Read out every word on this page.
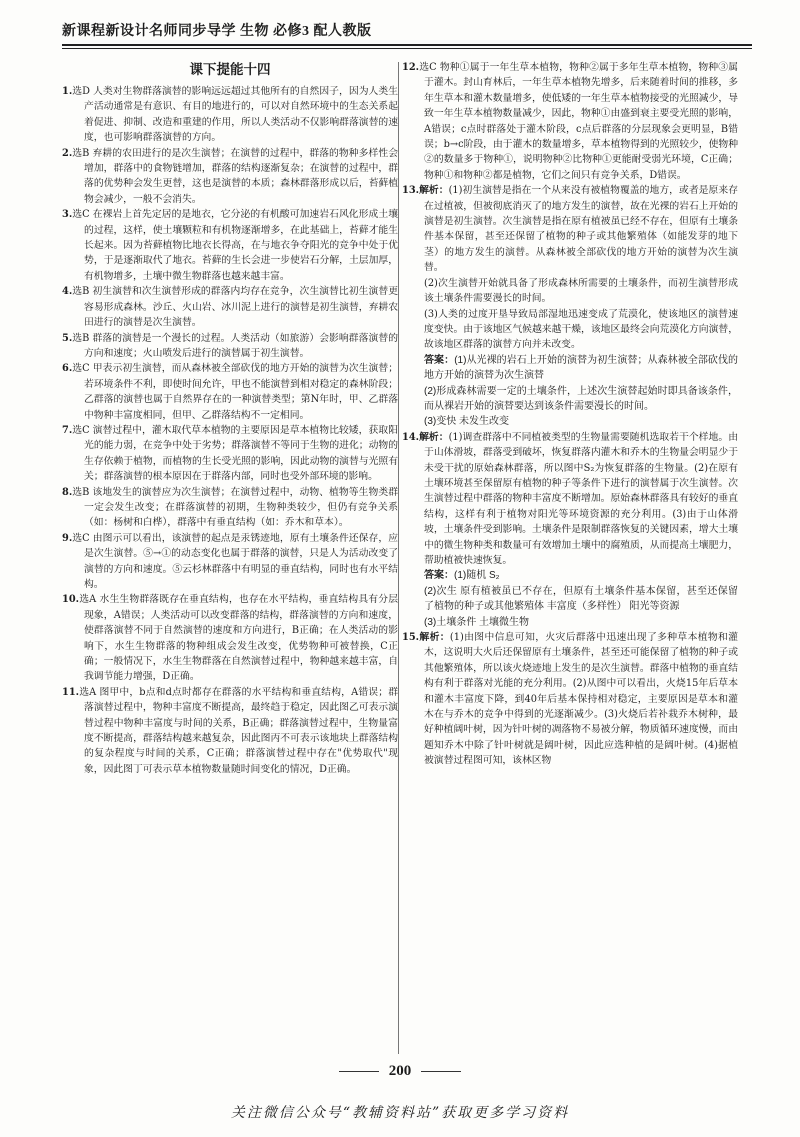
新课程新设计名师同步导学 生物 必修3 配人教版
课下提能十四

1.选D 人类对生物群落演替的影响远远超过其他所有的自然因子，因为人类生产活动通常是有意识、有目的地进行的，可以对自然环境中的生态关系起着促进、抑制、改造和重建的作用，所以人类活动不仅影响群落演替的速度，也可影响群落演替的方向。

2.选B 弃耕的农田进行的是次生演替；在演替的过程中，群落的物种多样性会增加，群落中的食物链增加，群落的结构逐渐复杂；在演替的过程中，群落的优势种会发生更替，这也是演替的本质；森林群落形成以后，苔藓植物会减少，一般不会消失。

3.选C 在裸岩上首先定居的是地衣，它分泌的有机酸可加速岩石风化形成土壤的过程，这样，使土壤颗粒和有机物逐渐增多，在此基础上，苔藓才能生长起来。因为苔藓植物比地衣长得高，在与地衣争夺阳光的竞争中处于优势，于是逐渐取代了地衣。苔藓的生长会进一步使岩石分解，土层加厚，有机物增多，土壤中微生物群落也越来越丰富。

4.选B 初生演替和次生演替形成的群落内均存在竞争，次生演替比初生演替更容易形成森林。沙丘、火山岩、冰川泥上进行的演替是初生演替，弃耕农田进行的演替是次生演替。

5.选B 群落的演替是一个漫长的过程。人类活动（如旅游）会影响群落演替的方向和速度；火山喷发后进行的演替属于初生演替。

6.选C 甲表示初生演替，而从森林被全部砍伐的地方开始的演替为次生演替；若环境条件不利，即使时间允许，甲也不能演替到相对稳定的森林阶段；乙群落的演替也属于自然界存在的一种演替类型；第N年时，甲、乙群落中物种丰富度相同，但甲、乙群落结构不一定相同。

7.选C 演替过程中，灌木取代草本植物的主要原因是草本植物比较矮，获取阳光的能力弱，在竞争中处于劣势；群落演替不等同于生物的进化；动物的生存依赖于植物，而植物的生长受光照的影响，因此动物的演替与光照有关；群落演替的根本原因在于群落内部，同时也受外部环境的影响。

8.选B 该地发生的演替应为次生演替；在演替过程中，动物、植物等生物类群一定会发生改变；在群落演替的初期，生物种类较少，但仍有竞争关系（如：杨树和白桦），群落中有垂直结构（如：乔木和草本）。

9.选C 由图示可以看出，该演替的起点是汞锈迹地，原有土壤条件还保存，应是次生演替。⑤→①的动态变化也属于群落的演替，只是人为活动改变了演替的方向和速度。⑤云杉林群落中有明显的垂直结构，同时也有水平结构。

10.选A 水生生物群落既存在垂直结构，也存在水平结构，垂直结构具有分层现象，A错误；人类活动可以改变群落的结构，群落演替的方向和速度，使群落演替不同于自然演替的速度和方向进行，B正确；在人类活动的影响下，水生生物群落的物种组成会发生改变，优势物种可被替换，C正确；一般情况下，水生生物群落在自然演替过程中，物种越来越丰富，自我调节能力增强，D正确。

11.选A 图甲中，b点和d点时都存在群落的水平结构和垂直结构，A错误；群落演替过程中，物种丰富度不断提高，最终趋于稳定，因此图乙可表示演替过程中物种丰富度与时间的关系，B正确；群落演替过程中，生物量富度不断提高，群落结构越来越复杂，因此图丙不可表示该地块上群落结构的复杂程度与时间的关系，C正确；群落演替过程中存在"优势取代"现象，因此图丁可表示草本植物数量随时间变化的情况，D正确。

12.选C 物种①属于一年生草本植物，物种②属于多年生草本植物，物种③属于灌木。封山育林后，一年生草本植物先增多，后来随着时间的推移，多年生草本和灌木数量增多，使低矮的一年生草本植物接受的光照减少，导致一年生草本植物数量减少，因此，物种①由盛到衰主要受光照的影响，A错误；c点时群落处于灌木阶段，c点后群落的分层现象会更明显，B错误；b→c阶段，由于灌木的数量增多，草本植物得到的光照较少，使物种②的数量多于物种①，说明物种②比物种①更能耐受弱光环境，C正确；物种①和物种②都是植物，它们之间只有竞争关系，D错误。

13.解析：(1)初生演替是指在一个从来没有被植物覆盖的地方，或者是原来存在过植被，但被彻底消灭了的地方发生的演替，故在光裸的岩石上开始的演替是初生演替。次生演替是指在原有植被虽已经不存在，但原有土壤条件基本保留，甚至还保留了植物的种子或其他繁殖体（如能发芽的地下茎）的地方发生的演替。从森林被全部砍伐的地方开始的演替为次生演替。

(2)次生演替开始就具备了形成森林所需要的土壤条件，而初生演替形成该土壤条件需要漫长的时间。

(3)人类的过度开垦导致局部湿地迅速变成了荒漠化，使该地区的演替速度变快。由于该地区气候越来越干燥，该地区最终会向荒漠化方向演替，故该地区群落的演替方向并未改变。

答案：(1)从光裸的岩石上开始的演替为初生演替；从森林被全部砍伐的地方开始的演替为次生演替

(2)形成森林需要一定的土壤条件，上述次生演替起始时即具备该条件，而从裸岩开始的演替要达到该条件需要漫长的时间。

(3)变快 未发生改变

14.解析：(1)调查群落中不同植被类型的生物量需要随机选取若干个样地。由于山体滑坡，群落受到破坏，恢复群落内灌木和乔木的生物量会明显少于未受干扰的原始森林群落，所以图中S₂为恢复群落的生物量。(2)在原有土壤环境甚至保留原有植物的种子等条件下进行的演替属于次生演替。次生演替过程中群落的物种丰富度不断增加。原始森林群落具有较好的垂直结构，这样有利于植物对阳光等环境资源的充分利用。(3)由于山体滑坡，土壤条件受到影响。土壤条件是限制群落恢复的关键因素，增大土壤中的微生物种类和数量可有效增加土壤中的腐殖质，从而提高土壤肥力，帮助植被快速恢复。

答案：(1)随机 S₂

(2)次生 原有植被虽已不存在，但原有土壤条件基本保留，甚至还保留了植物的种子或其他繁殖体 丰富度（多样性） 阳光等资源

(3)土壤条件 土壤微生物

15.解析：(1)由图中信息可知，火灾后群落中迅速出现了多种草本植物和灌木，这说明大火后还保留原有土壤条件，甚至还可能保留了植物的种子或其他繁殖体，所以该火烧迹地上发生的是次生演替。群落中植物的垂直结构有利于群落对光能的充分利用。(2)从图中可以看出，火烧15年后草本和灌木丰富度下降，到40年后基本保持相对稳定，主要原因是草本和灌木在与乔木的竞争中得到的光逐渐减少。(3)火烧后若补栽乔木树种，最好种植阔叶树，因为针叶树的凋落物不易被分解，物质循环速度慢，而由题知乔木中除了针叶树就是阔叶树，因此应选种植的是阔叶树。(4)据植被演替过程图可知，该林区物

200
关注微信公众号“教辅资料站”获取更多学习资料
